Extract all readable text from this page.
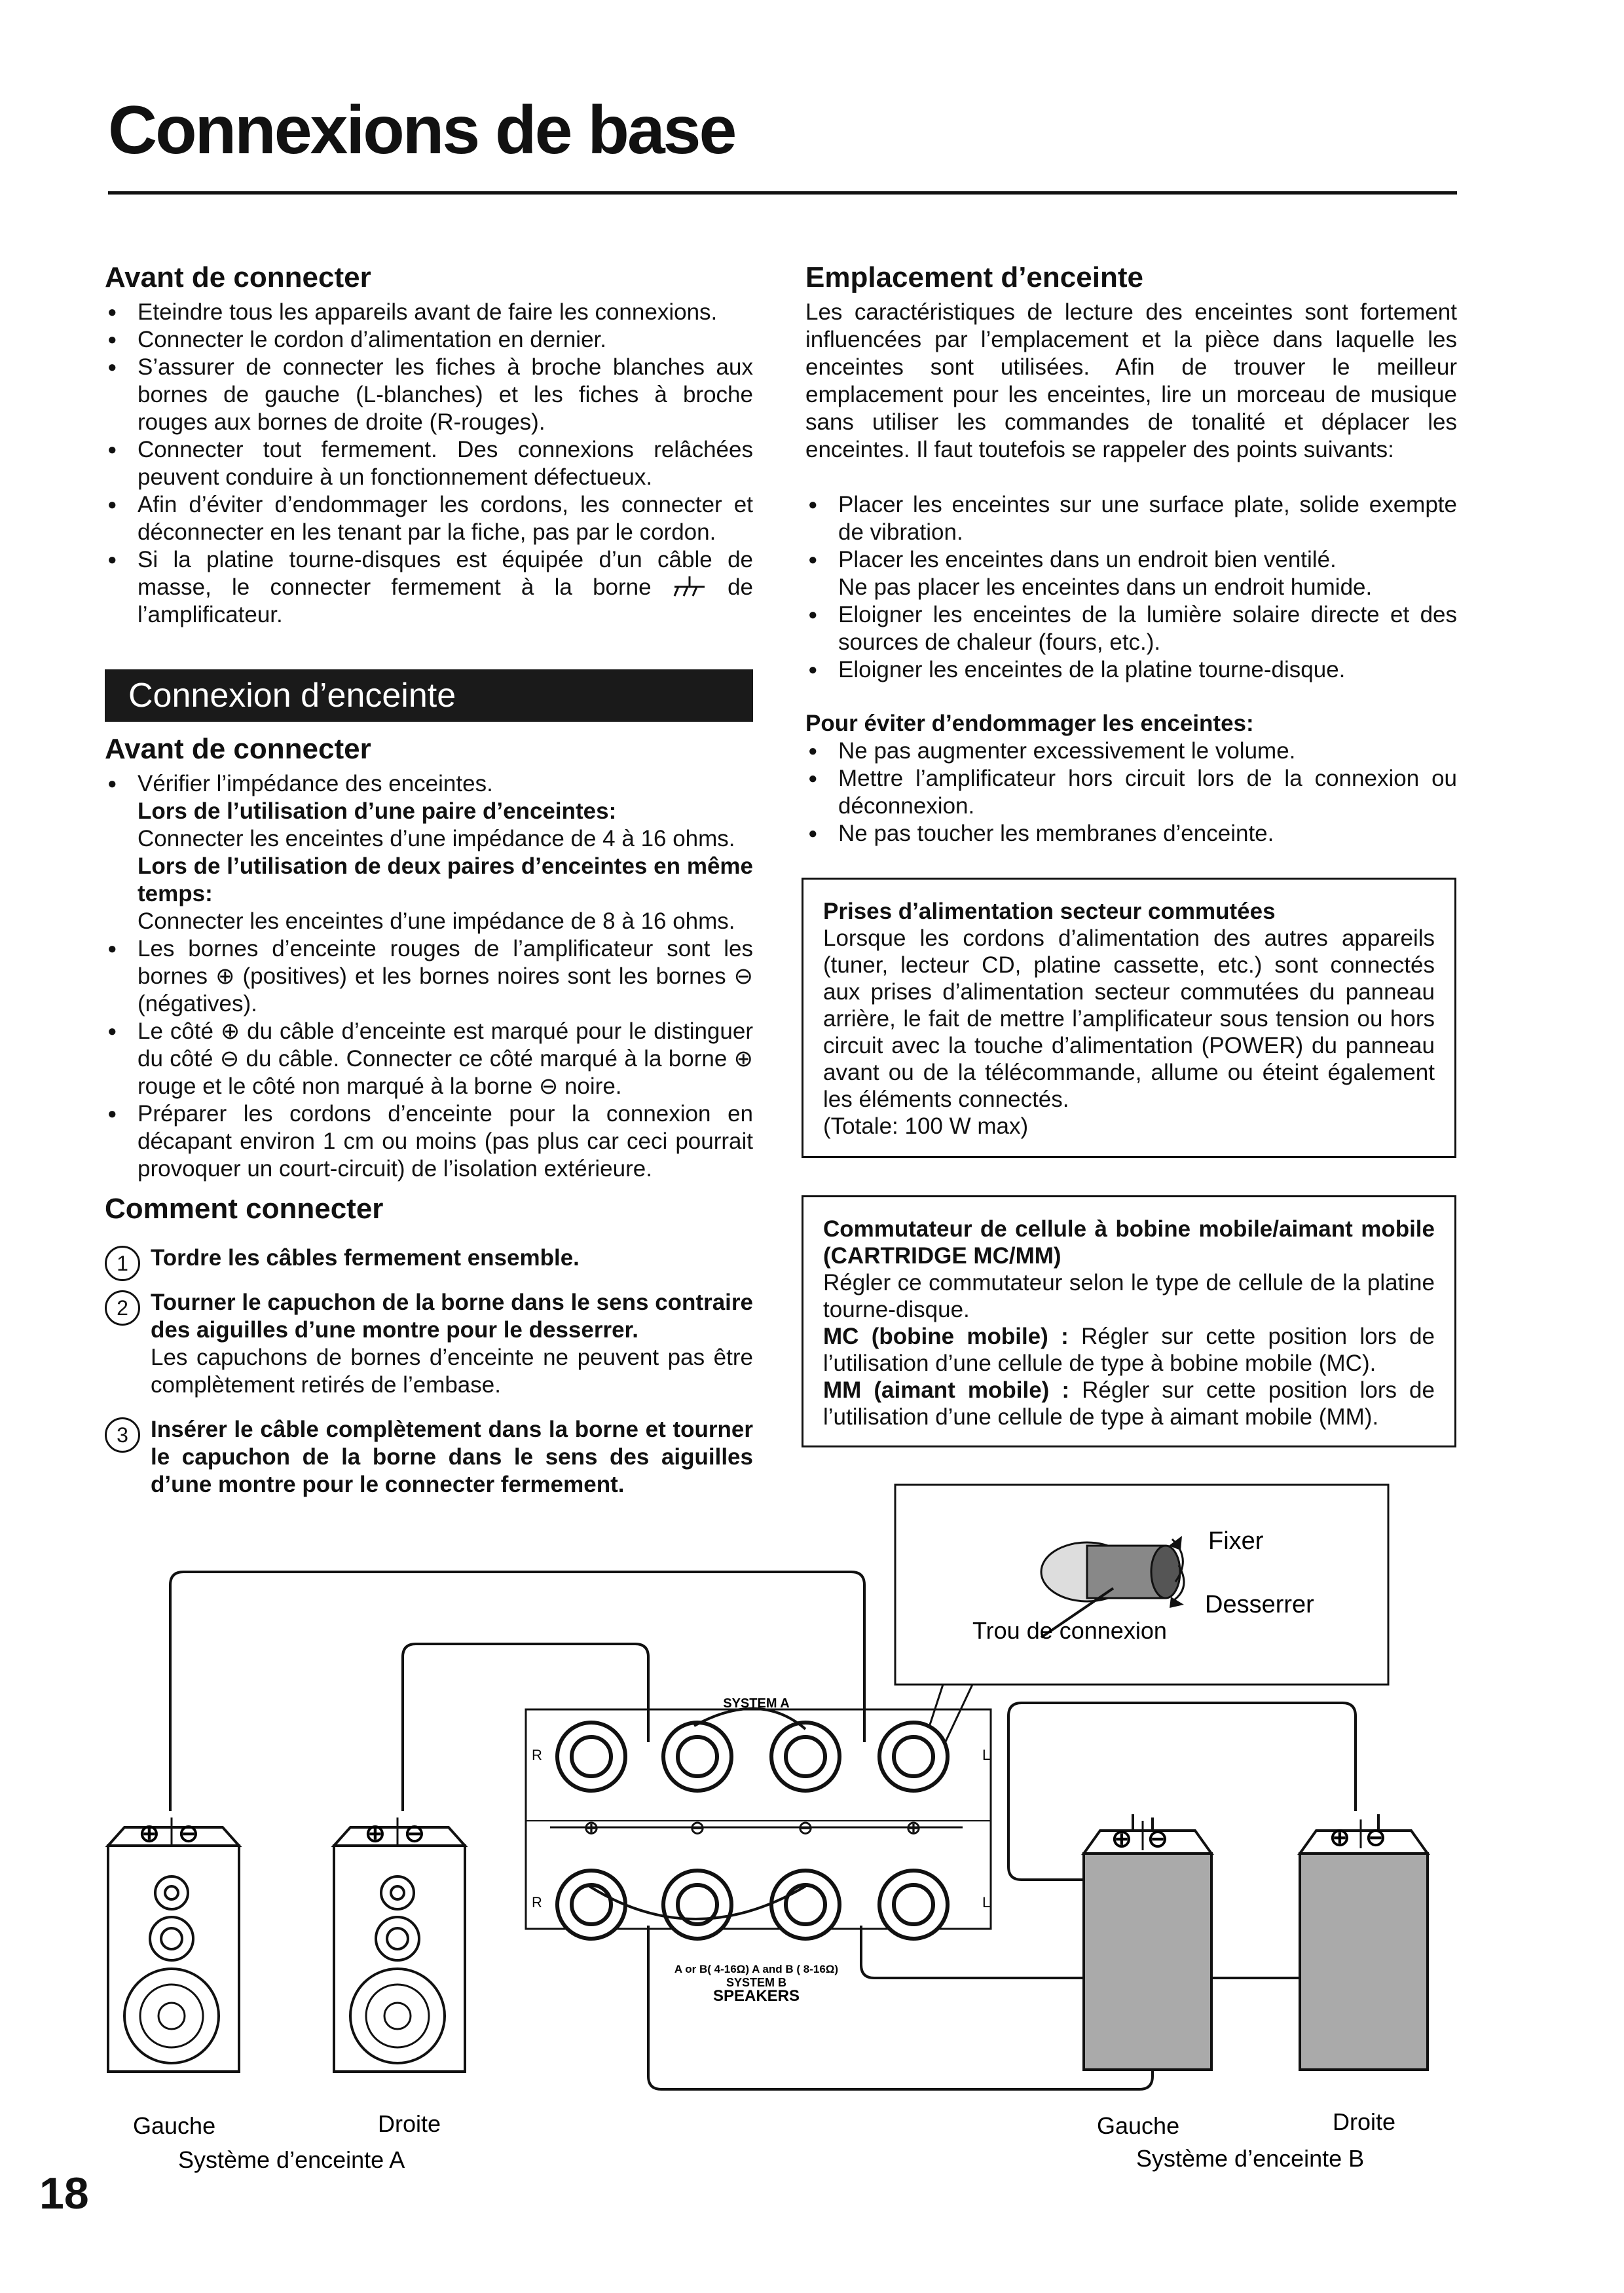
Connexions de base
Avant de connecter
● Eteindre tous les appareils avant de faire les connexions.
● Connecter le cordon d’alimentation en dernier.
● S’assurer de connecter les fiches à broche blanches aux bornes de gauche (L-blanches) et les fiches à broche rouges aux bornes de droite (R-rouges).
● Connecter tout fermement. Des connexions relâchées peuvent conduire à un fonctionnement défectueux.
● Afin d’éviter d’endommager les cordons, les connecter et déconnecter en les tenant par la fiche, pas par le cordon.
● Si la platine tourne-disques est équipée d’un câble de masse, le connecter fermement à la borne	de l’amplificateur.
Connexion d’enceinte
Avant de connecter
● Vérifier l’impédance des enceintes.
Lors de l’utilisation d’une paire d’enceintes:
Connecter les enceintes d’une impédance de 4 à 16 ohms.
Lors de l’utilisation de deux paires d’enceintes en même temps:
Connecter les enceintes d’une impédance de 8 à 16 ohms.
● Les bornes d’enceinte rouges de l’amplificateur sont les bornes ⊕ (positives) et les bornes noires sont les bornes ⊖ (négatives).
● Le côté ⊕ du câble d’enceinte est marqué pour le distinguer du côté ⊖ du câble. Connecter ce côté marqué à la borne ⊕ rouge et le côté non marqué à la borne ⊖ noire.
● Préparer les cordons d’enceinte pour la connexion en décapant environ 1 cm ou moins (pas plus car ceci pourrait provoquer un court-circuit) de l’isolation extérieure.
Comment connecter
1 Tordre les câbles fermement ensemble.
2 Tourner le capuchon de la borne dans le sens contraire des aiguilles d’une montre pour le desserrer.
Les capuchons de bornes d’enceinte ne peuvent pas être complètement retirés de l’embase.
3 Insérer le câble complètement dans la borne et tourner le capuchon de la borne dans le sens des aiguilles d’une montre pour le connecter fermement.
Emplacement d’enceinte

Les caractéristiques de lecture des enceintes sont fortement influencées par l’emplacement et la pièce dans laquelle les enceintes sont utilisées. Afin de trouver le meilleur emplacement pour les enceintes, lire un morceau de musique sans utiliser les commandes de tonalité et déplacer les enceintes. Il faut toutefois se rappeler des points suivants:

● Placer les enceintes sur une surface plate, solide exempte de vibration.
● Placer les enceintes dans un endroit bien ventilé.
Ne pas placer les enceintes dans un endroit humide.
● Eloigner les enceintes de la lumière solaire directe et des sources de chaleur (fours, etc.).
● Eloigner les enceintes de la platine tourne-disque.
Pour éviter d’endommager les enceintes:
● Ne pas augmenter excessivement le volume.
● Mettre l’amplificateur hors circuit lors de la connexion ou déconnexion.
● Ne pas toucher les membranes d’enceinte.
Prises d’alimentation secteur commutées

Lorsque les cordons d’alimentation des autres appareils (tuner, lecteur CD, platine cassette, etc.) sont connectés aux prises d’alimentation secteur commutées du panneau arrière, le fait de mettre l’amplificateur sous tension ou hors circuit avec la touche d’alimentation (POWER) du panneau avant ou de la télécommande, allume ou éteint également les éléments connectés.

(Totale: 100 W max)

Commutateur de cellule à bobine mobile/aimant mobile (CARTRIDGE MC/MM)

Régler ce commutateur selon le type de cellule de la platine tourne-disque.

MC (bobine mobile) : Régler sur cette position lors de l’utilisation d’une cellule de type à bobine mobile (MC).

MM (aimant mobile) : Régler sur cette position lors de l’utilisation d’une cellule de type à aimant mobile (MM).

Fixer
Desserrer
Trou de connexion
SYSTEM A
R	L
R	L
⊕	⊖	⊖	⊕
A or B( 4-16Ω) A and B ( 8-16Ω)
SYSTEM B
SPEAKERS
⊕ ⊖	⊕ ⊖	⊕ ⊖	⊕ ⊖
Gauche	Droite
Système d’enceinte A
Gauche	Droite
Système d’enceinte B
18
